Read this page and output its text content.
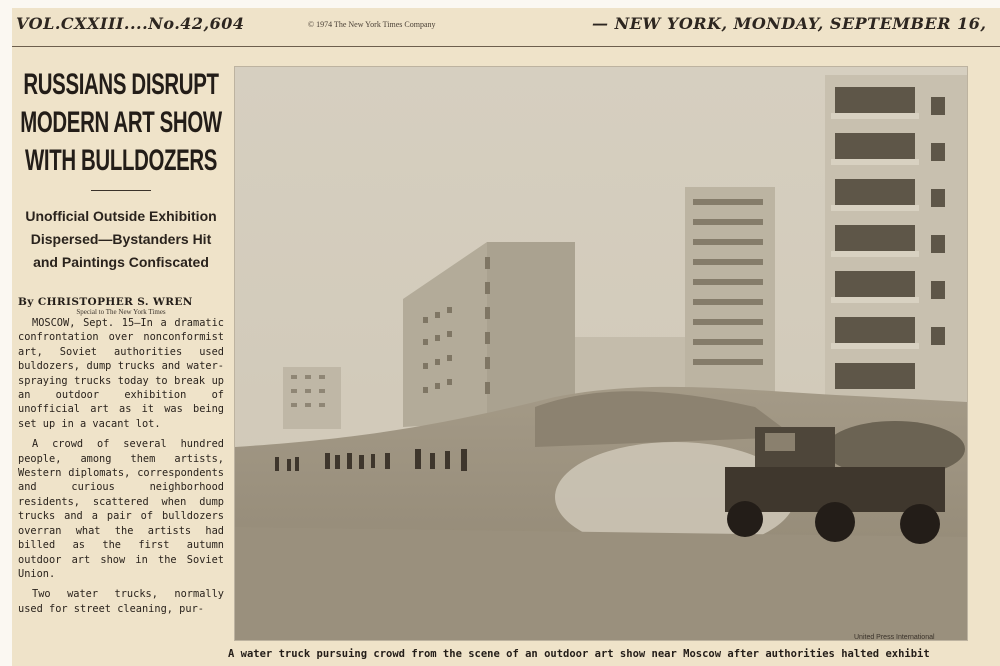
VOL.CXXIII....No.42,604	© 1974 The New York Times Company	— NEW YORK, MONDAY, SEPTEMBER 16,
RUSSIANS DISRUPT
MODERN ART SHOW
WITH BULLDOZERS
Unofficial Outside Exhibition
Dispersed—Bystanders Hit
and Paintings Confiscated
By CHRISTOPHER S. WREN
Special to The New York Times

MOSCOW, Sept. 15—In a dramatic confrontation over nonconformist art, Soviet authorities used buldozers, dump trucks and water-spraying trucks today to break up an outdoor exhibition of unofficial art as it was being set up in a vacant lot.

A crowd of several hundred people, among them artists, Western diplomats, correspondents and curious neighborhood residents, scattered when dump trucks and a pair of bulldozers overran what the artists had billed as the first autumn outdoor art show in the Soviet Union.

Two water trucks, normally used for street cleaning, pur-

United Press International
A water truck pursuing crowd from the scene of an outdoor art show near Moscow after authorities halted exhibit
